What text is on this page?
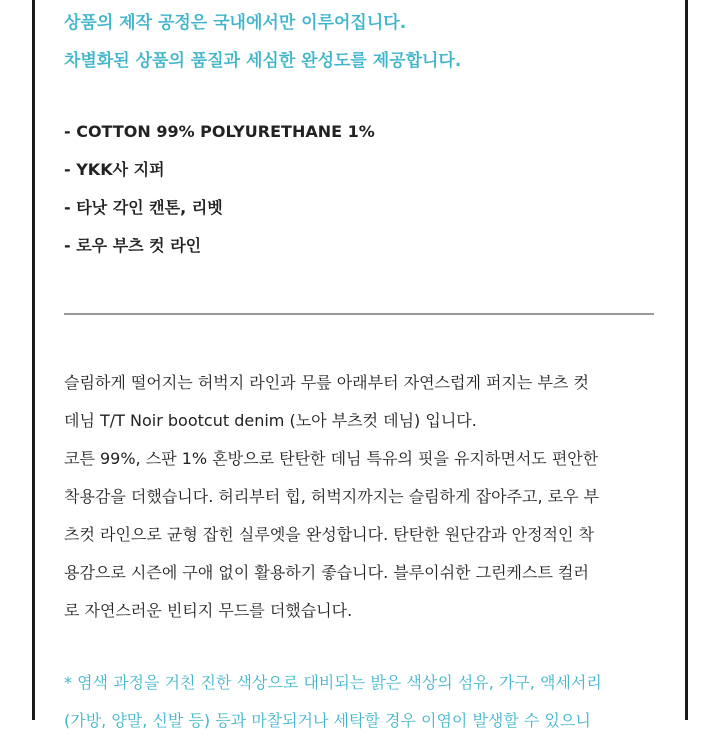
상품의 제작 공정은 국내에서만 이루어집니다.
차별화된 상품의 품질과 세심한 완성도를 제공합니다.
- COTTON 99% POLYURETHANE 1%
- YKK사 지퍼
- 타낫 각인 캔톤, 리벳
- 로우 부츠 컷 라인
슬림하게 떨어지는 허벅지 라인과 무릎 아래부터 자연스럽게 퍼지는 부츠 컷
데님 T/T Noir bootcut denim (노아 부츠컷 데님) 입니다.
코튼 99%, 스판 1% 혼방으로 탄탄한 데님 특유의 핏을 유지하면서도 편안한
착용감을 더했습니다. 허리부터 힙, 허벅지까지는 슬림하게 잡아주고, 로우 부
츠컷 라인으로 균형 잡힌 실루엣을 완성합니다. 탄탄한 원단감과 안정적인 착
용감으로 시즌에 구애 없이 활용하기 좋습니다. 블루이쉬한 그린케스트 컬러
로 자연스러운 빈티지 무드를 더했습니다.
* 염색 과정을 거친 진한 색상으로 대비되는 밝은 색상의 섬유, 가구, 액세서리
(가방, 양말, 신발 등) 등과 마찰되거나 세탁할 경우 이염이 발생할 수 있으니
